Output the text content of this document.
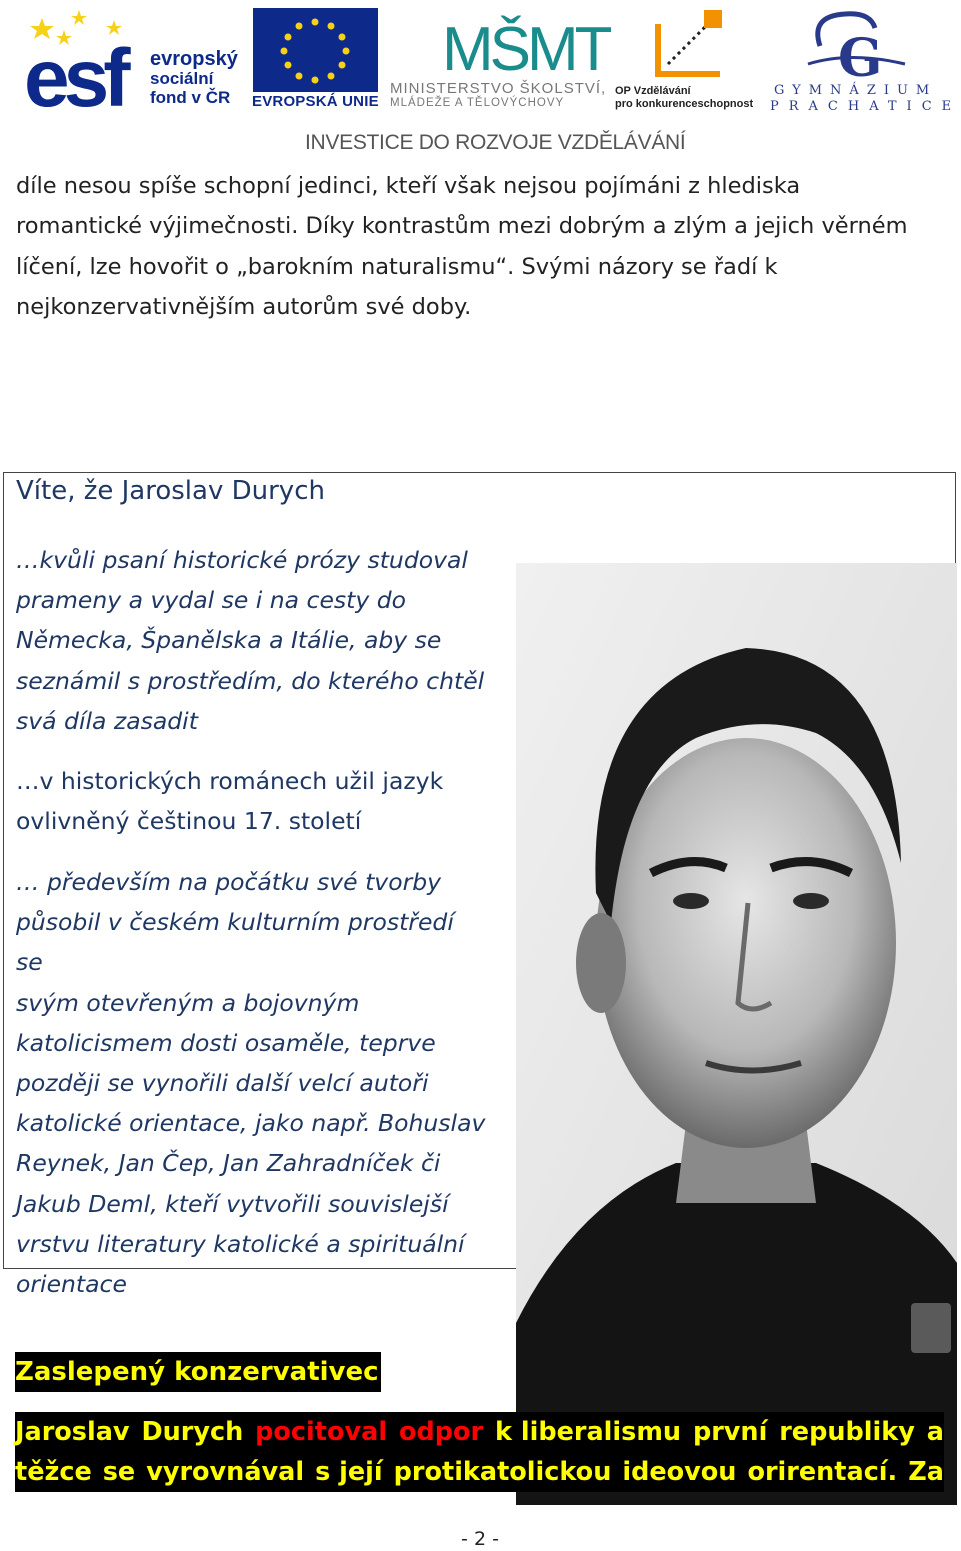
esf	evropský
sociální
fond v ČR	EVROPSKÁ UNIE
MŠMT
MINISTERSTVO ŠKOLSTVÍ,
MLÁDEŽE A TĚLOVÝCHOVY
OP Vzdělávání
pro konkurenceschopnost
G
GYMNÁZIUM
PRACHATICE
INVESTICE DO ROZVOJE VZDĚLÁVÁNÍ
díle nesou spíše schopní jedinci, kteří však nejsou pojímáni z hlediska
romantické výjimečnosti. Díky kontrastům mezi dobrým a zlým a jejich věrném
líčení, lze hovořit o „barokním naturalismu“. Svými názory se řadí k
nejkonzervativnějším autorům své doby.
Víte, že Jaroslav Durych
…kvůli psaní historické prózy studoval
prameny a vydal se i na cesty do
Německa, Španělska a Itálie, aby se
seznámil s prostředím, do kterého chtěl
svá díla zasadit
…v historických románech užil jazyk
ovlivněný češtinou 17. století
… především na počátku své tvorby
působil v českém kulturním prostředí se
svým otevřeným a bojovným
katolicismem dosti osaměle, teprve
později se vynořili další velcí autoři
katolické orientace, jako např. Bohuslav
Reynek, Jan Čep, Jan Zahradníček či
Jakub Deml, kteří vytvořili souvislejší
vrstvu literatury katolické a spirituální
orientace
Zaslepený konzervativec
Jaroslav Durych pocitoval odpor k liberalismu první republiky a
těžce se vyrovnával s její protikatolickou ideovou orirentací. Za
- 2 -
